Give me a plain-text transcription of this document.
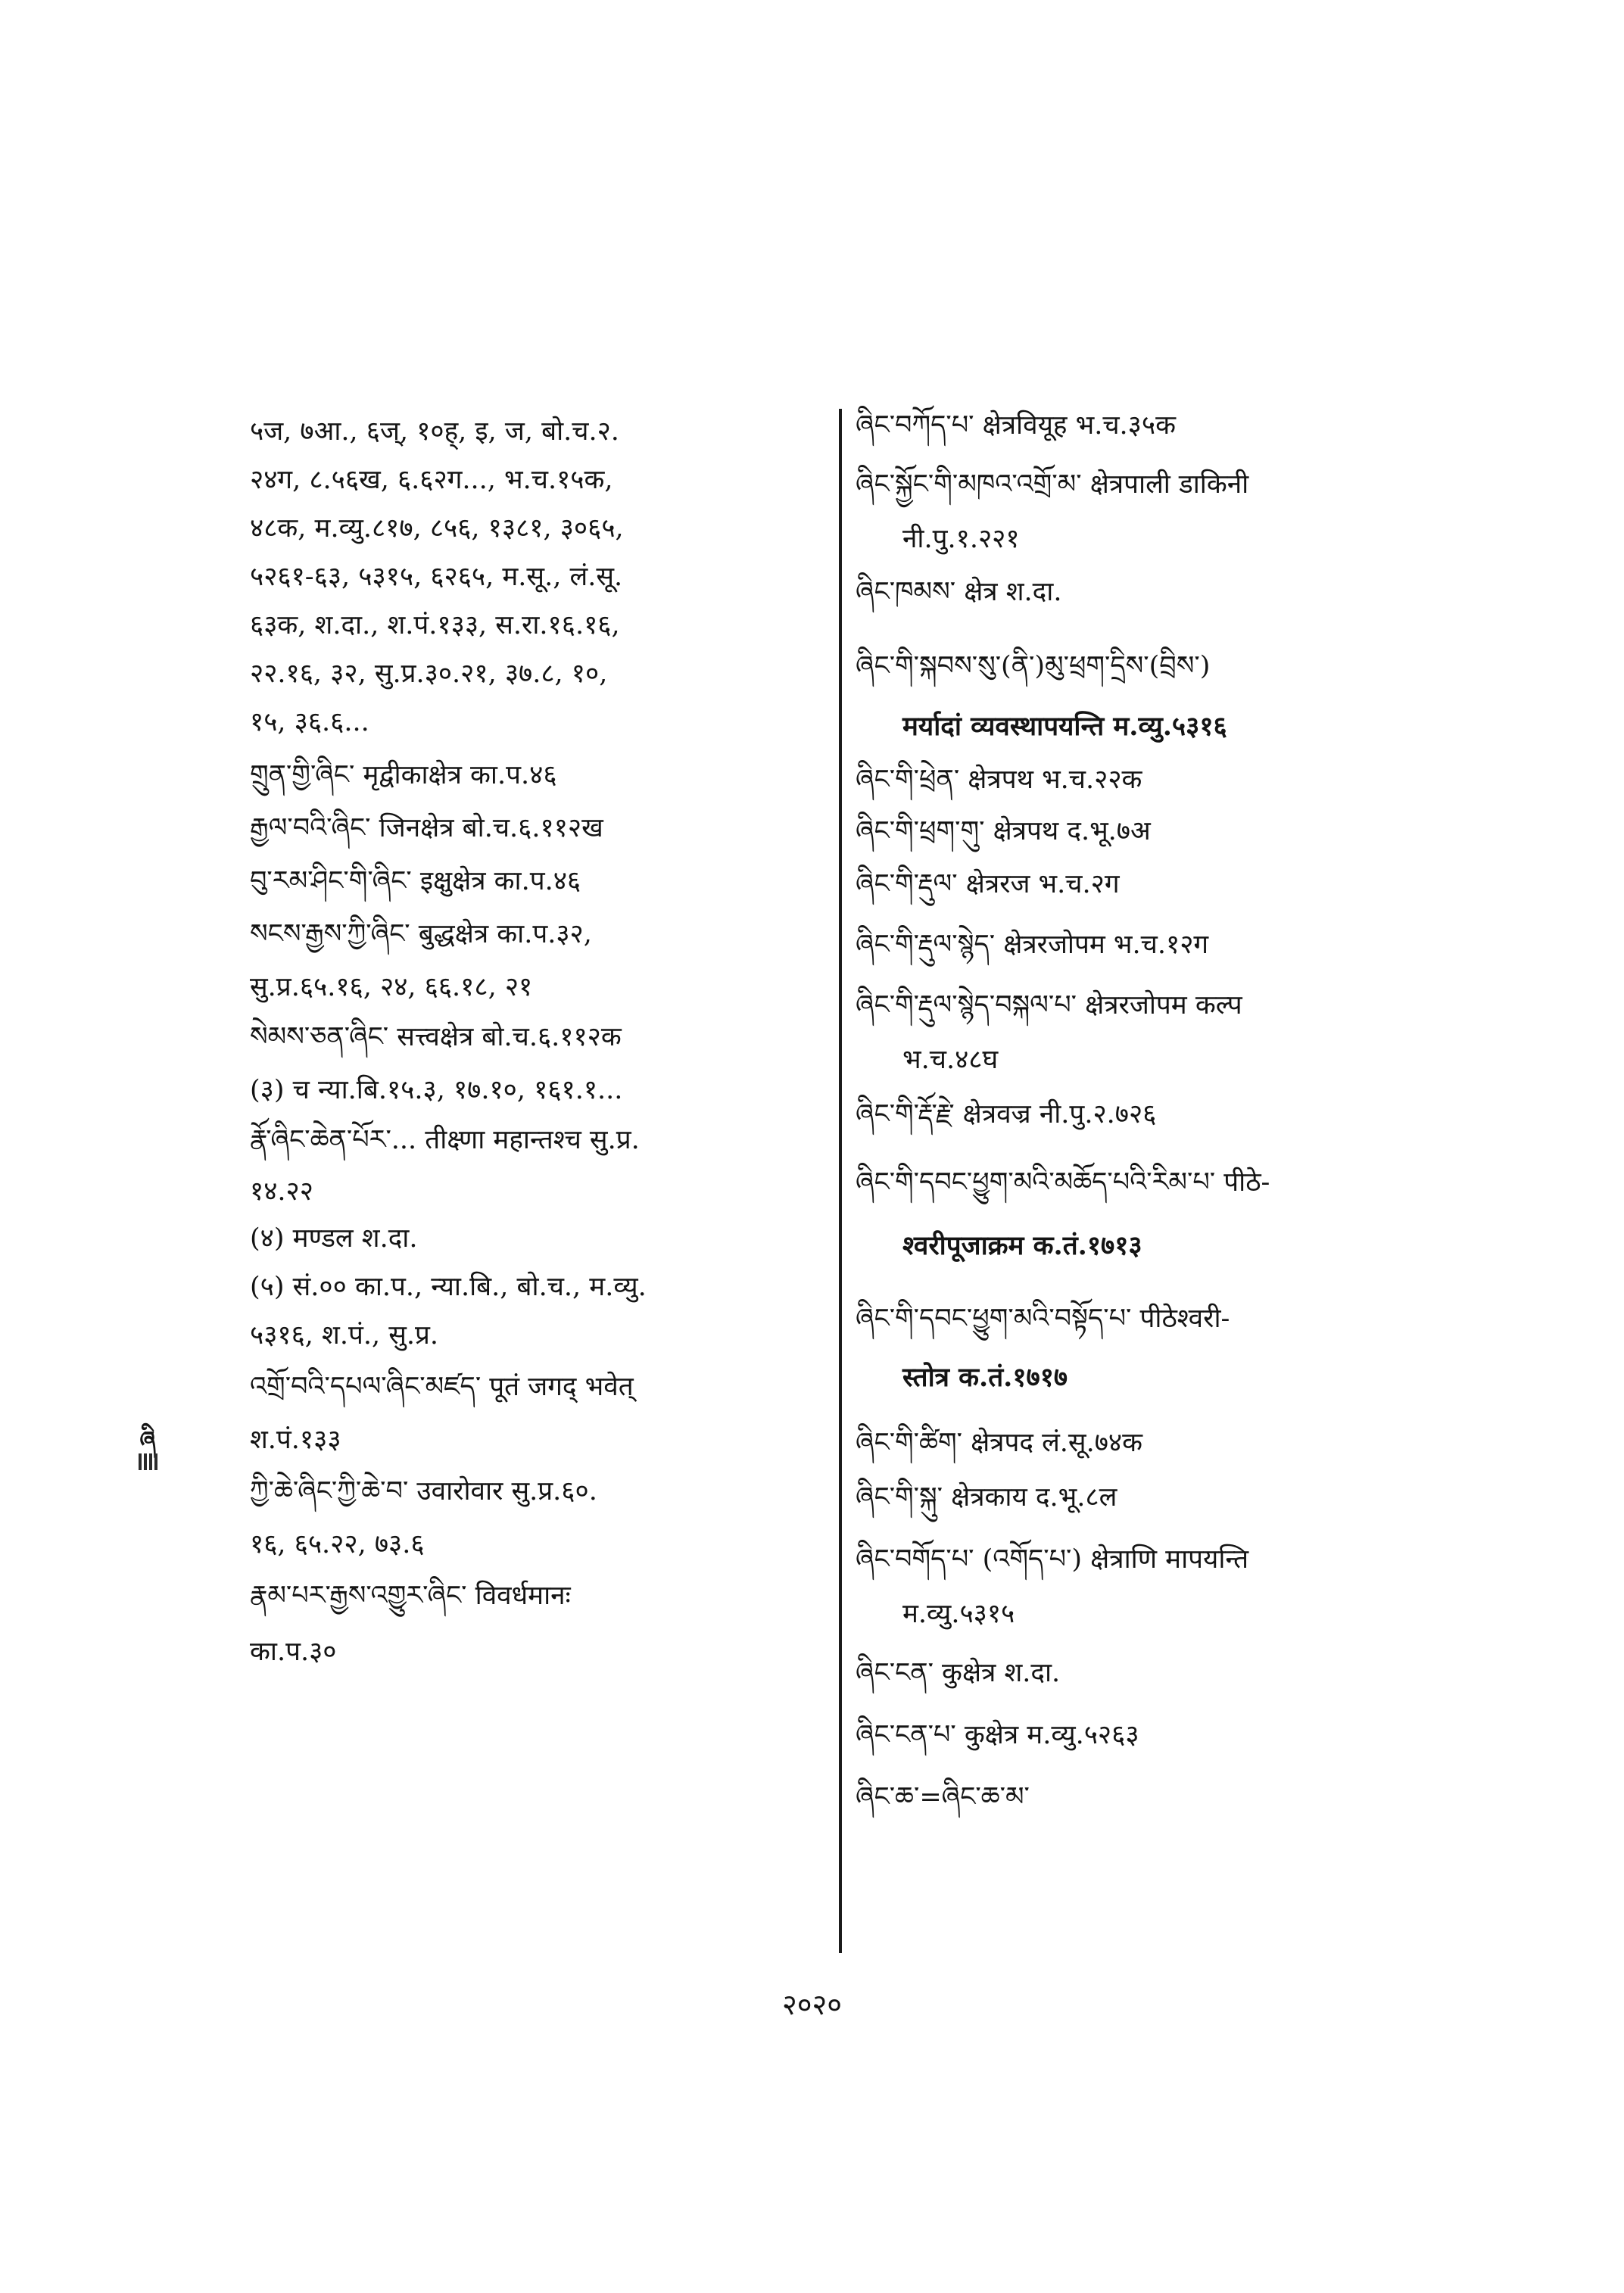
५ज, ७आ., ६ज्, १०ह्, इ, ज, बो.च.२.
२४ग, ८.५६ख, ६.६२ग..., भ.च.१५क,
४८क, म.व्यु.८१७, ८५६, १३८१, ३०६५,
५२६१-६३, ५३१५, ६२६५, म.सू., लं.सू.
६३क, श.दा., श.पं.१३३, स.रा.१६.१६,
२२.१६, ३२, सु.प्र.३०.२१, ३७.८, १०,
१५, ३६.६...
གྲུན་གྱི་ཞིང་ मृद्वीकाक्षेत्र का.प.४६
རྒྱལ་བའི་ཞིང་ जिनक्षेत्र बो.च.६.११२ख
བུ་རམ་ཤིང་གི་ཞིང་ इक्षुक्षेत्र का.प.४६
སངས་རྒྱས་ཀྱི་ཞིང་ बुद्धक्षेत्र का.प.३२,
सु.प्र.६५.१६, २४, ६६.१८, २१
སེམས་ཅན་ཞིང་ सत्त्वक्षेत्र बो.च.६.११२क
(३) च न्या.बि.१५.३, १७.१०, १६१.१...
རྣོ་ཞིང་ཆེན་པོར་... तीक्ष्णा महान्तश्च सु.प्र.
१४.२२
(४) मण्डल श.दा.
(५) सं.०० का.प., न्या.बि., बो.च., म.व्यु.
५३१६, श.पं., सु.प्र.
འགྲོ་བའི་དཔལ་ཞིང་མཛད་ पूतं जगद् भवेत्
श.पं.१३३
ཀྱི་ཆེ་ཞིང་ཀྱི་ཆེ་བ་ उवारोवार सु.प्र.६०.
१६, ६५.२२, ७३.६
རྣམ་པར་རྒྱས་འགྱུར་ཞིང་ विवर्धमानः
का.प.३०
ཞིང་བཀོད་པ་ क्षेत्रवियूह भ.च.३५क
ཞིང་སྐྱོང་གི་མཁའ་འགྲོ་མ་ क्षेत्रपाली डाकिनी
नी.पु.१.२२१
ཞིང་ཁམས་ क्षेत्र श.दा.
ཞིང་གི་སྐབས་སུ་(ནི་)མུ་ཕྲག་དྲིས་(བྲིས་)
मर्यादां व्यवस्थापयन्ति म.व्यु.५३१६
ཞིང་གི་ཕྲེན་ क्षेत्रपथ भ.च.२२क
ཞིང་གི་ཕྲག་གུ་ क्षेत्रपथ द.भू.७अ
ཞིང་གི་རྡུལ་ क्षेत्ररज भ.च.२ग
ཞིང་གི་རྡུལ་སྙེད་ क्षेत्ररजोपम भ.च.१२ग
ཞིང་གི་རྡུལ་སྙེད་བསྐལ་པ་ क्षेत्ररजोपम कल्प
भ.च.४८घ
ཞིང་གི་རྡོ་རྗེ་ क्षेत्रवज्र नी.पु.२.७२६
ཞིང་གི་དབང་ཕྱུག་མའི་མཆོད་པའི་རིམ་པ་ पीठे-
श्वरीपूजाक्रम क.तं.१७१३
ཞིང་གི་དབང་ཕྱུག་མའི་བསྟོད་པ་ पीठेश्वरी-
स्तोत्र क.तं.१७१७
ཞིང་གི་ཚིག་ क्षेत्रपद लं.सू.७४क
ཞིང་གི་སྐུ་ क्षेत्रकाय द.भू.८ल
ཞིང་བགོད་པ་ (འགོད་པ་) क्षेत्राणि मापयन्ति
म.व्यु.५३१५
ཞིང་ངན་ कुक्षेत्र श.दा.
ཞིང་ངན་པ་ कुक्षेत्र म.व्यु.५२६३
ཞིང་ཆ་=ཞིང་ཆ་མ་
ཞི
२०२०
